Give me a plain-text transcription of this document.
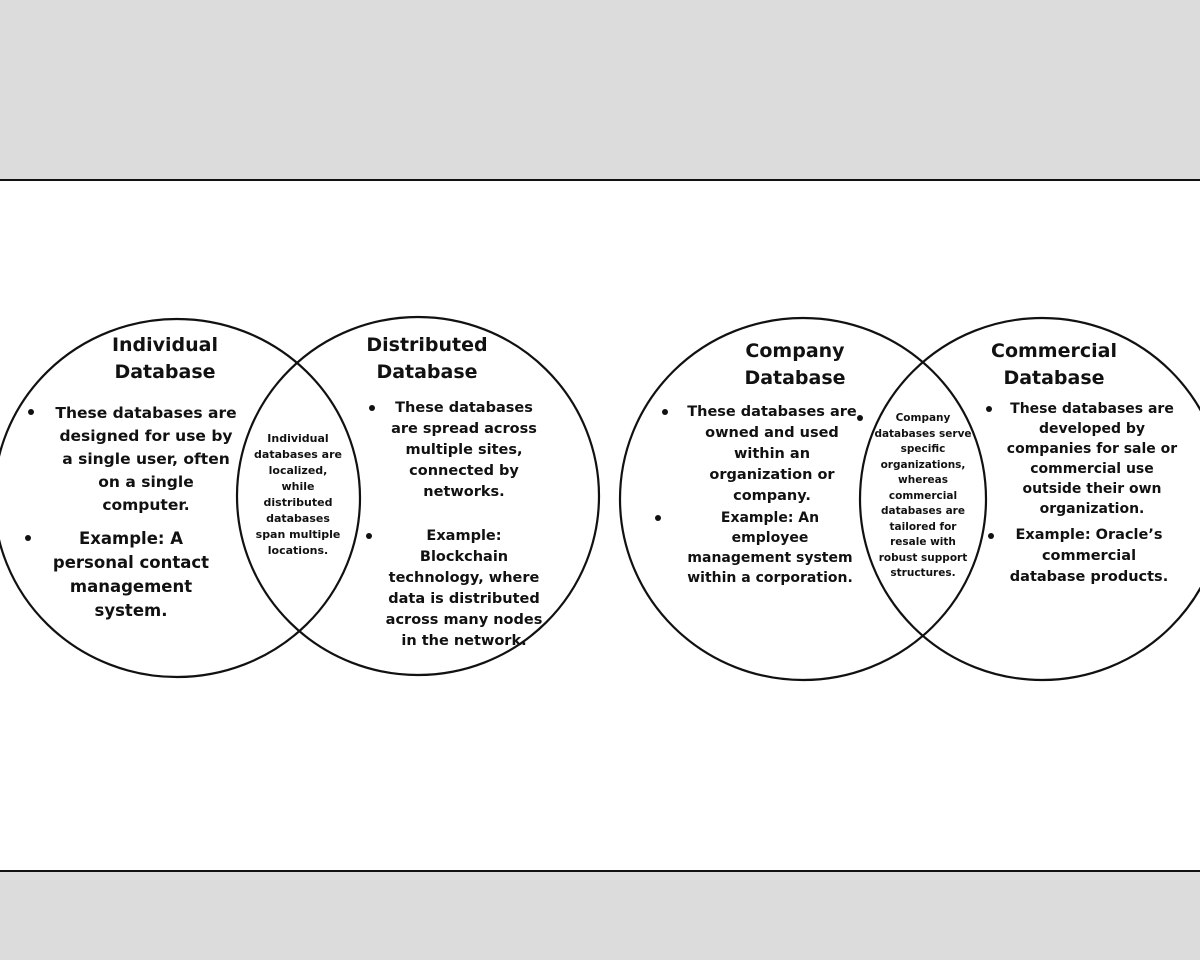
Individual Database
Distributed Database
These databases are designed for use by a single user, often on a single computer.
Example: A personal contact management system.
Individual databases are localized, while distributed databases span multiple locations.
These databases are spread across multiple sites, connected by networks.
Example: Blockchain technology, where data is distributed across many nodes in the network.
Company Database
Commercial Database
These databases are owned and used within an organization or company.
Example: An employee management system within a corporation.
Company databases serve specific organizations, whereas commercial databases are tailored for resale with robust support structures.
These databases are developed by companies for sale or commercial use outside their own organization.
Example: Oracle’s commercial database products.
